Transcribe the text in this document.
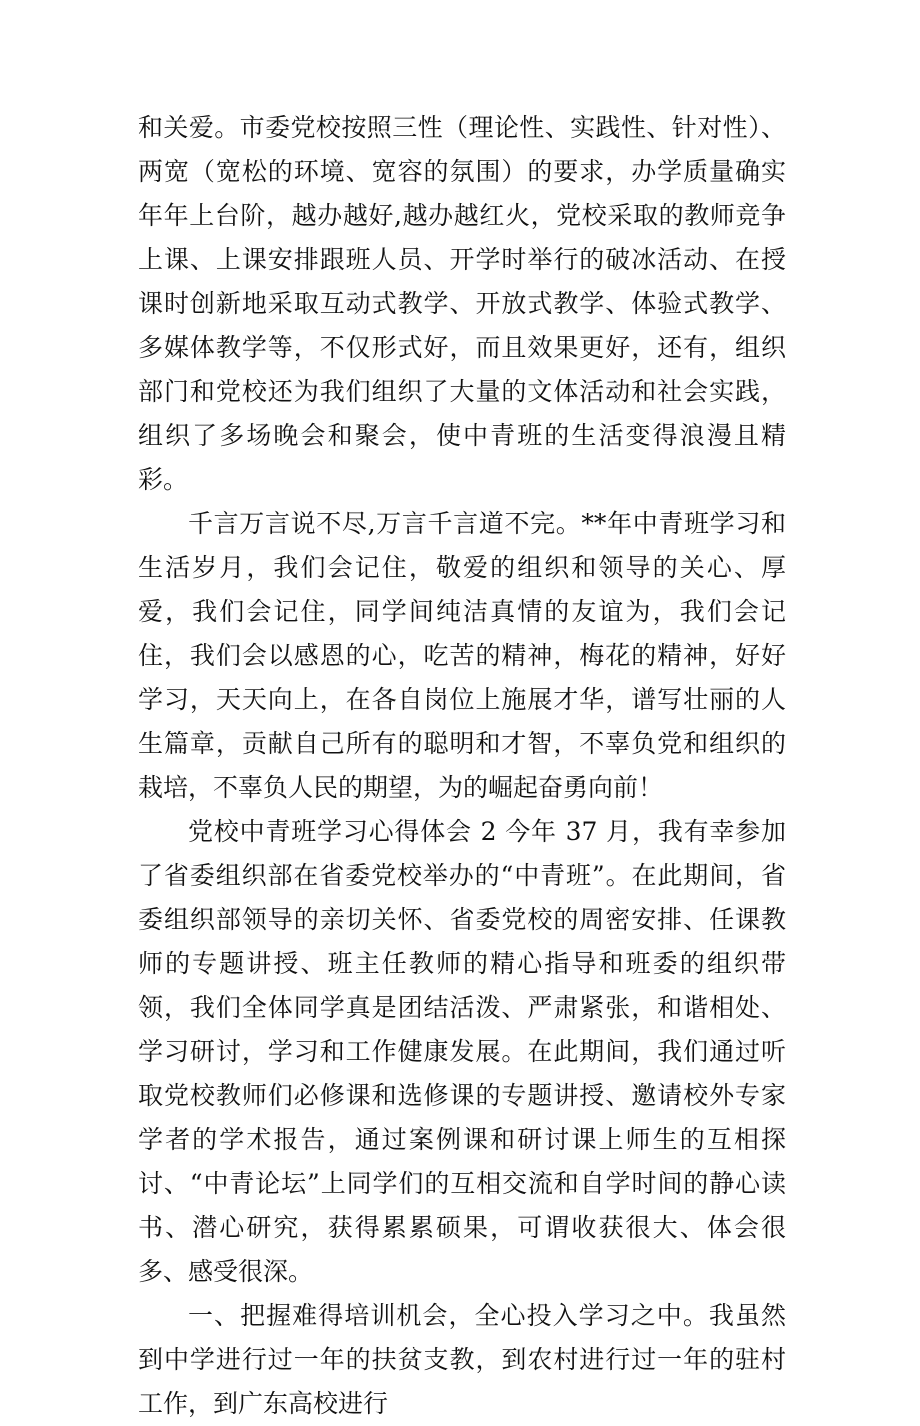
和关爱。市委党校按照三性（理论性、实践性、针对性）、两宽（宽松的环境、宽容的氛围）的要求，办学质量确实年年上台阶，越办越好,越办越红火，党校采取的教师竞争上课、上课安排跟班人员、开学时举行的破冰活动、在授课时创新地采取互动式教学、开放式教学、体验式教学、多媒体教学等，不仅形式好，而且效果更好，还有，组织部门和党校还为我们组织了大量的文体活动和社会实践，组织了多场晚会和聚会，使中青班的生活变得浪漫且精彩。

千言万言说不尽,万言千言道不完。**年中青班学习和生活岁月，我们会记住，敬爱的组织和领导的关心、厚爱，我们会记住，同学间纯洁真情的友谊为，我们会记住，我们会以感恩的心，吃苦的精神，梅花的精神，好好学习，天天向上，在各自岗位上施展才华，谱写壮丽的人生篇章，贡献自己所有的聪明和才智，不辜负党和组织的栽培，不辜负人民的期望，为的崛起奋勇向前！

党校中青班学习心得体会 2 今年 37 月，我有幸参加了省委组织部在省委党校举办的“中青班”。在此期间，省委组织部领导的亲切关怀、省委党校的周密安排、任课教师的专题讲授、班主任教师的精心指导和班委的组织带领，我们全体同学真是团结活泼、严肃紧张，和谐相处、学习研讨，学习和工作健康发展。在此期间，我们通过听取党校教师们必修课和选修课的专题讲授、邀请校外专家学者的学术报告，通过案例课和研讨课上师生的互相探讨、“中青论坛”上同学们的互相交流和自学时间的静心读书、潜心研究，获得累累硕果，可谓收获很大、体会很多、感受很深。

一、把握难得培训机会，全心投入学习之中。我虽然到中学进行过一年的扶贫支教，到农村进行过一年的驻村工作，到广东高校进行
